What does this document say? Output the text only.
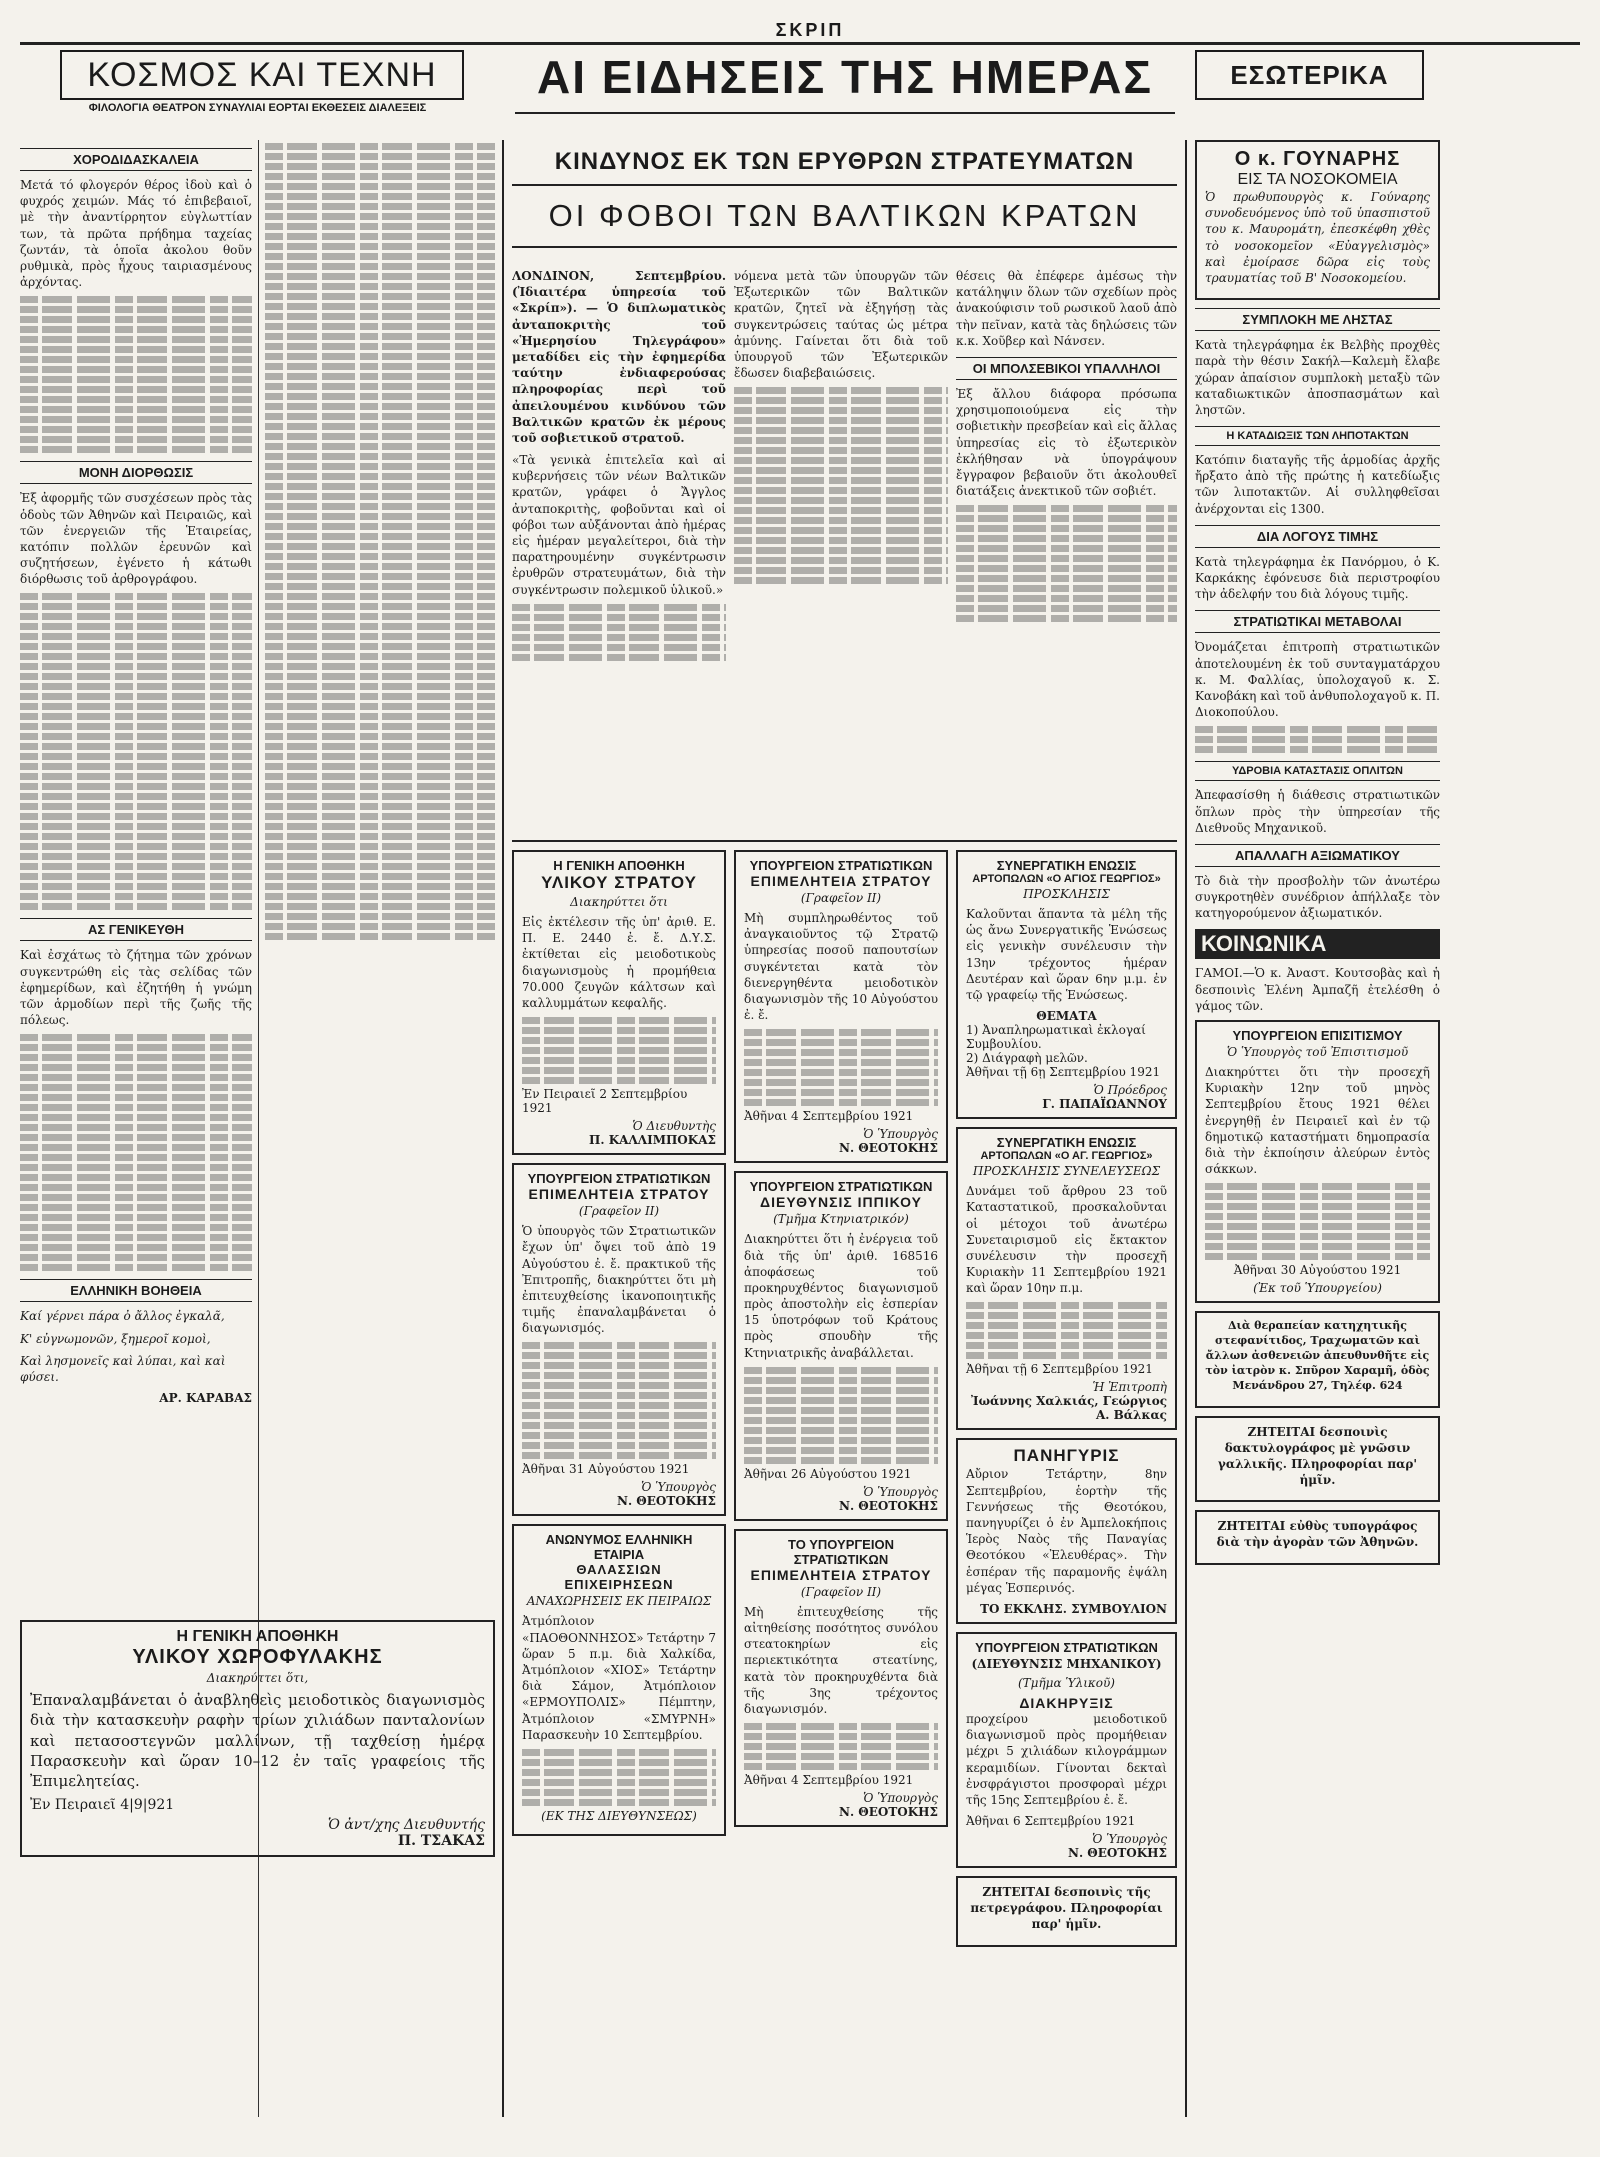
ΣΚΡΙΠ
ΚΟΣΜΟΣ ΚΑΙ ΤΕΧΝΗ
ΦΙΛΟΛΟΓΙΑ ΘΕΑΤΡΟΝ ΣΥΝΑΥΛΙΑΙ ΕΟΡΤΑΙ ΕΚΘΕΣΕΙΣ ΔΙΑΛΕΞΕΙΣ
ΑΙ ΕΙΔΗΣΕΙΣ ΤΗΣ ΗΜΕΡΑΣ	ΕΣΩΤΕΡΙΚΑ
ΧΟΡΟΔΙΔΑΣΚΑΛΕΙΑ

Μετά τό φλογερόν θέρος ἰδοὺ καὶ ὁ φυχρός χειμών. Μάς τό ἐπιβεβαιοῖ, μὲ τὴν ἀναντίρρητον εὐγλωττίαν των, τὰ πρῶτα πρήδημα ταχείας ζωντάν, τὰ ὁποῖα ἀκολου θοῦν ρυθμικὰ, πρὸς ἦχους ταιριασμένους ἀρχόντας.

ΜΟΝΗ ΔΙΟΡΘΩΣΙΣ

Ἐξ ἀφορμῆς τῶν συσχέσεων πρὸς τὰς ὁδοὺς τῶν Ἀθηνῶν καὶ Πειραιῶς, καὶ τῶν ἐνεργειῶν τῆς Ἑταιρείας, κατόπιν πολλῶν ἐρευνῶν καὶ συζητήσεων, ἐγένετο ἡ κάτωθι διόρθωσις τοῦ ἀρθρογράφου.

ΑΣ ΓΕΝΙΚΕΥΘΗ

Καὶ ἐσχάτως τὸ ζήτημα τῶν χρόνων συγκεντρώθη εἰς τὰς σελίδας τῶν ἐφημερίδων, καὶ ἐζητήθη ἡ γνώμη τῶν ἁρμοδίων περὶ τῆς ζωῆς τῆς πόλεως.

ΕΛΛΗΝΙΚΗ ΒΟΗΘΕΙΑ

Καί γέρνει πάρα ὀ ἄλλος ἐγκαλᾶ,

Κ' εὐγνωμονῶν, ξημεροῖ κομοὶ,

Καὶ λησμονεῖς καὶ λύπαι, καὶ καὶ φύσει.

ΑΡ. ΚΑΡΑΒΑΣ
Η ΓΕΝΙΚΗ ΑΠΟΘΗΚΗ
ΥΛΙΚΟΥ ΧΩΡΟΦΥΛΑΚΗΣ
Διακηρύττει ὅτι,

Ἐπαναλαμβάνεται ὁ ἀναβληθεὶς μειοδοτικὸς διαγωνισμὸς διὰ τὴν κατασκευὴν ραφὴν τρίων χιλιάδων πανταλονίων καὶ πετασοστεγνῶν μαλλίνων, τῇ ταχθείσῃ ἡμέρᾳ Παρασκευὴν καὶ ὥραν 10–12 ἐν ταῖς γραφείοις τῆς Ἐπιμελητείας.

Ἐν Πειραιεῖ 4|9|921
Ὁ ἀντ/χης Διευθυντής
Π. ΤΣΑΚΑΣ
ΚΙΝΔΥΝΟΣ ΕΚ ΤΩΝ ΕΡΥΘΡΩΝ ΣΤΡΑΤΕΥΜΑΤΩΝ
ΟΙ ΦΟΒΟΙ ΤΩΝ ΒΑΛΤΙΚΩΝ ΚΡΑΤΩΝ

ΛΟΝΔΙΝΟΝ, Σεπτεμβρίου. (Ἰδιαιτέρα ὑπηρεσία τοῦ «Σκρίπ»). — Ὁ διπλωματικὸς ἀνταποκριτὴς τοῦ «Ἡμερησίου Τηλεγράφου» μεταδίδει εἰς τὴν ἐφημερίδα ταύτην ἐνδιαφερούσας πληροφορίας περὶ τοῦ ἀπειλουμένου κινδύνου τῶν Βαλτικῶν κρατῶν ἐκ μέρους τοῦ σοβιετικοῦ στρατοῦ.

«Τὰ γενικὰ ἐπιτελεῖα καὶ αἱ κυβερνήσεις τῶν νέων Βαλτικῶν κρατῶν, γράφει ὁ Ἄγγλος ἀνταποκριτὴς, φοβοῦνται καὶ οἱ φόβοι των αὐξάνονται ἀπὸ ἡμέρας εἰς ἡμέραν μεγαλείτεροι, διὰ τὴν παρατηρουμένην συγκέντρωσιν ἐρυθρῶν στρατευμάτων, διὰ τὴν συγκέντρωσιν πολεμικοῦ ὑλικοῦ.»

νόμενα μετὰ τῶν ὑπουργῶν τῶν Ἐξωτερικῶν τῶν Βαλτικῶν κρατῶν, ζητεῖ νὰ ἐξηγήσῃ τὰς συγκεντρώσεις ταύτας ὡς μέτρα ἀμύνης. Γαίνεται ὅτι διὰ τοῦ ὑπουργοῦ τῶν Ἐξωτερικῶν ἔδωσεν διαβεβαιώσεις.

θέσεις θὰ ἐπέφερε ἀμέσως τὴν κατάληψιν ὅλων τῶν σχεδίων πρὸς ἀνακούφισιν τοῦ ρωσικοῦ λαοῦ ἀπὸ τὴν πεῖναν, κατὰ τὰς δηλώσεις τῶν κ.κ. Χοῦβερ καὶ Νάνσεν.

ΟΙ ΜΠΟΛΣΕΒΙΚΟΙ ΥΠΑΛΛΗΛΟΙ

Ἐξ ἄλλου διάφορα πρόσωπα χρησιμοποιούμενα εἰς τὴν σοβιετικὴν πρεσβείαν καὶ εἰς ἄλλας ὑπηρεσίας εἰς τὸ ἐξωτερικὸν ἐκλήθησαν νὰ ὑπογράψουν ἔγγραφον βεβαιοῦν ὅτι ἀκολουθεῖ διατάξεις ἀνεκτικοῦ τῶν σοβιέτ.

Η ΓΕΝΙΚΗ ΑΠΟΘΗΚΗ
ΥΛΙΚΟΥ ΣΤΡΑΤΟΥ
Διακηρύττει ὅτι

Εἰς ἐκτέλεσιν τῆς ὑπ' ἀριθ. Ε. Π. Ε. 2440 ἐ. ἔ. Δ.Υ.Σ. ἐκτίθεται εἰς μειοδοτικοὺς διαγωνισμοὺς ἡ προμήθεια 70.000 ζευγῶν κάλτσων καὶ καλλυμμάτων κεφαλῆς.

Ἐν Πειραιεῖ 2 Σεπτεμβρίου 1921
Ὁ Διευθυντὴς
Π. ΚΑΛΛΙΜΠΟΚΑΣ
ΥΠΟΥΡΓΕΙΟΝ ΣΤΡΑΤΙΩΤΙΚΩΝ
ΕΠΙΜΕΛΗΤΕΙΑ ΣΤΡΑΤΟΥ
(Γραφεῖον ΙΙ)

Ὁ ὑπουργὸς τῶν Στρατιωτικῶν ἔχων ὑπ' ὄψει τοῦ ἀπὸ 19 Αὐγούστου ἐ. ἔ. πρακτικοῦ τῆς Ἐπιτροπῆς, διακηρύττει ὅτι μὴ ἐπιτευχθείσης ἱκανοποιητικῆς τιμῆς ἐπαναλαμβάνεται ὁ διαγωνισμός.

Ἀθῆναι 31 Αὐγούστου 1921
Ὁ Ὑπουργὸς
Ν. ΘΕΟΤΟΚΗΣ
ΑΝΩΝΥΜΟΣ ΕΛΛΗΝΙΚΗ ΕΤΑΙΡΙΑ
ΘΑΛΑΣΣΙΩΝ ΕΠΙΧΕΙΡΗΣΕΩΝ
ΑΝΑΧΩΡΗΣΕΙΣ ΕΚ ΠΕΙΡΑΙΩΣ

Ἀτμόπλοιον «ΠΑΟΘΟΝΝΗΣΟΣ» Τετάρτην 7 ὥραν 5 π.μ. διὰ Χαλκίδα, Ἀτμόπλοιον «ΧΙΟΣ» Τετάρτην διὰ Σάμον, Ἀτμόπλοιον «ΕΡΜΟΥΠΟΛΙΣ» Πέμπτην, Ἀτμόπλοιον «ΣΜΥΡΝΗ» Παρασκευὴν 10 Σεπτεμβρίου.

(ΕΚ ΤΗΣ ΔΙΕΥΘΥΝΣΕΩΣ)
ΥΠΟΥΡΓΕΙΟΝ ΣΤΡΑΤΙΩΤΙΚΩΝ
ΕΠΙΜΕΛΗΤΕΙΑ ΣΤΡΑΤΟΥ
(Γραφεῖον ΙΙ)

Μὴ συμπληρωθέντος τοῦ ἀναγκαιοῦντος τῷ Στρατῷ ὑπηρεσίας ποσοῦ παπουτσίων συγκέντεται κατὰ τὸν διενεργηθέντα μειοδοτικὸν διαγωνισμὸν τῆς 10 Αὐγούστου ἐ. ἔ.

Ἀθῆναι 4 Σεπτεμβρίου 1921
Ὁ Ὑπουργὸς
Ν. ΘΕΟΤΟΚΗΣ
ΥΠΟΥΡΓΕΙΟΝ ΣΤΡΑΤΙΩΤΙΚΩΝ
ΔΙΕΥΘΥΝΣΙΣ ΙΠΠΙΚΟΥ
(Τμῆμα Κτηνιατρικόν)

Διακηρύττει ὅτι ἡ ἐνέργεια τοῦ διὰ τῆς ὑπ' ἀριθ. 168516 ἀποφάσεως τοῦ προκηρυχθέντος διαγωνισμοῦ πρὸς ἀποστολὴν εἰς ἑσπερίαν 15 ὑποτρόφων τοῦ Κράτους πρὸς σπουδὴν τῆς Κτηνιατρικῆς ἀναβάλλεται.

Ἀθῆναι 26 Αὐγούστου 1921
Ὁ Ὑπουργὸς
Ν. ΘΕΟΤΟΚΗΣ
ΤΟ ΥΠΟΥΡΓΕΙΟΝ ΣΤΡΑΤΙΩΤΙΚΩΝ
ΕΠΙΜΕΛΗΤΕΙΑ ΣΤΡΑΤΟΥ
(Γραφεῖον ΙΙ)

Μὴ ἐπιτευχθείσης τῆς αἰτηθείσης ποσότητος συνόλου στεατοκηρίων εἰς περιεκτικότητα στεατίνης, κατὰ τὸν προκηρυχθέντα διὰ τῆς 3ης τρέχοντος διαγωνισμόν.

Ἀθῆναι 4 Σεπτεμβρίου 1921
Ὁ Ὑπουργὸς
Ν. ΘΕΟΤΟΚΗΣ
ΣΥΝΕΡΓΑΤΙΚΗ ΕΝΩΣΙΣ
ΑΡΤΟΠΩΛΩΝ «Ο ΑΓΙΟΣ ΓΕΩΡΓΙΟΣ»
ΠΡΟΣΚΛΗΣΙΣ

Καλοῦνται ἅπαντα τὰ μέλη τῆς ὡς ἄνω Συνεργατικῆς Ἑνώσεως εἰς γενικὴν συνέλευσιν τὴν 13ην τρέχοντος ἡμέραν Δευτέραν καὶ ὥραν 6ην μ.μ. ἐν τῷ γραφείῳ τῆς Ἑνώσεως.

ΘΕΜΑΤΑ
1) Ἀναπληρωματικαὶ ἐκλογαί Συμβουλίου.
2) Διάγραφὴ μελῶν.
Ἀθῆναι τῇ 6ῃ Σεπτεμβρίου 1921
Ὁ Πρόεδρος
Γ. ΠΑΠΑΪΩΑΝΝΟΥ
ΣΥΝΕΡΓΑΤΙΚΗ ΕΝΩΣΙΣ
ΑΡΤΟΠΩΛΩΝ «Ο ΑΓ. ΓΕΩΡΓΙΟΣ»
ΠΡΟΣΚΛΗΣΙΣ ΣΥΝΕΛΕΥΣΕΩΣ

Δυνάμει τοῦ ἄρθρου 23 τοῦ Καταστατικοῦ, προσκαλοῦνται οἱ μέτοχοι τοῦ ἀνωτέρω Συνεταιρισμοῦ εἰς ἔκτακτον συνέλευσιν τὴν προσεχῆ Κυριακὴν 11 Σεπτεμβρίου 1921 καὶ ὥραν 10ην π.μ.

Ἀθῆναι τῇ 6 Σεπτεμβρίου 1921
Ἡ Ἐπιτροπὴ
Ἰωάννης Χαλκιάς, Γεώργιος Α. Βάλκας
ΠΑΝΗΓΥΡΙΣ

Αὔριον Τετάρτην, 8ην Σεπτεμβρίου, ἑορτὴν τῆς Γεννήσεως τῆς Θεοτόκου, πανηγυρίζει ὁ ἐν Ἀμπελοκήποις Ἱερὸς Ναὸς τῆς Παναγίας Θεοτόκου «Ἐλευθέρας». Τὴν ἑσπέραν τῆς παραμονῆς ἐψάλη μέγας Ἑσπερινός.

ΤΟ ΕΚΚΛΗΣ. ΣΥΜΒΟΥΛΙΟΝ
ΥΠΟΥΡΓΕΙΟΝ ΣΤΡΑΤΙΩΤΙΚΩΝ
(ΔΙΕΥΘΥΝΣΙΣ ΜΗΧΑΝΙΚΟΥ)
(Τμῆμα Ὑλικοῦ)
ΔΙΑΚΗΡΥΞΙΣ

προχείρου μειοδοτικοῦ διαγωνισμοῦ πρὸς προμήθειαν μέχρι 5 χιλιάδων κιλογράμμων κεραμιδίων. Γίνονται δεκταὶ ἐνσφράγιστοι προσφοραὶ μέχρι τῆς 15ης Σεπτεμβρίου ἐ. ἔ.

Ἀθῆναι 6 Σεπτεμβρίου 1921
Ὁ Ὑπουργὸς
Ν. ΘΕΟΤΟΚΗΣ

ΖΗΤΕΙΤΑΙ δεσποινὶς τῆς πετρεγράφου. Πληροφορίαι παρ' ἡμῖν.

Ο κ. ΓΟΥΝΑΡΗΣ
ΕΙΣ ΤΑ ΝΟΣΟΚΟΜΕΙΑ

Ὁ πρωθυπουργὸς κ. Γούναρης συνοδευόμενος ὑπὸ τοῦ ὑπασπιστοῦ του κ. Μαυρομάτη, ἐπεσκέφθη χθὲς τὸ νοσοκομεῖον «Εὐαγγελισμὸς» καὶ ἐμοίρασε δῶρα εἰς τοὺς τραυματίας τοῦ Β' Νοσοκομείου.

ΣΥΜΠΛΟΚΗ ΜΕ ΛΗΣΤΑΣ

Κατὰ τηλεγράφημα ἐκ Βελβὴς προχθὲς παρὰ τὴν θέσιν Σακήλ—Καλεμὴ ἔλαβε χώραν ἀπαίσιον συμπλοκὴ μεταξὺ τῶν καταδιωκτικῶν ἀποσπασμάτων καὶ ληστῶν.

Η ΚΑΤΑΔΙΩΞΙΣ ΤΩΝ ΛΗΠΟΤΑΚΤΩΝ

Κατόπιν διαταγῆς τῆς ἁρμοδίας ἀρχῆς ἤρξατο ἀπὸ τῆς πρώτης ἡ κατεδίωξις τῶν λιποτακτῶν. Αἱ συλληφθεῖσαι ἀνέρχονται εἰς 1300.

ΔΙΑ ΛΟΓΟΥΣ ΤΙΜΗΣ

Κατὰ τηλεγράφημα ἐκ Πανόρμου, ὁ Κ. Καρκάκης ἐφόνευσε διὰ περιστροφίου τὴν ἀδελφήν του διὰ λόγους τιμῆς.

ΣΤΡΑΤΙΩΤΙΚΑΙ ΜΕΤΑΒΟΛΑΙ

Ὀνομάζεται ἐπιτροπὴ στρατιωτικῶν ἀποτελουμένη ἐκ τοῦ συνταγματάρχου κ. Μ. Φαλλίας, ὑπολοχαγοῦ κ. Σ. Κανοβάκη καὶ τοῦ ἀνθυπολοχαγοῦ κ. Π. Διοκοπούλου.

ΥΔΡΟΒΙΑ ΚΑΤΑΣΤΑΣΙΣ ΟΠΛΙΤΩΝ

Ἀπεφασίσθη ἡ διάθεσις στρατιωτικῶν ὅπλων πρὸς τὴν ὑπηρεσίαν τῆς Διεθνοῦς Μηχανικοῦ.

ΑΠΑΛΛΑΓΗ ΑΞΙΩΜΑΤΙΚΟΥ

Τὸ διὰ τὴν προσβολὴν τῶν ἀνωτέρω συγκροτηθὲν συνέδριον ἀπήλλαξε τὸν κατηγορούμενον ἀξιωματικόν.

ΚΟΙΝΩΝΙΚΑ

ΓΑΜΟΙ.—Ὁ κ. Ἀναστ. Κουτσοβὰς καὶ ἡ δεσποινὶς Ἑλένη Ἀμπαζῆ ἐτελέσθη ὁ γάμος τῶν.

ΥΠΟΥΡΓΕΙΟΝ ΕΠΙΣΙΤΙΣΜΟΥ
Ὁ Ὑπουργὸς τοῦ Ἐπισιτισμοῦ

Διακηρύττει ὅτι τὴν προσεχῆ Κυριακὴν 12ην τοῦ μηνὸς Σεπτεμβρίου ἔτους 1921 θέλει ἐνεργηθῇ ἐν Πειραιεῖ καὶ ἐν τῷ δημοτικῷ καταστήματι δημοπρασία διὰ τὴν ἐκποίησιν ἀλεύρων ἐντὸς σάκκων.

Ἀθῆναι 30 Αὐγούστου 1921
(Ἐκ τοῦ Ὑπουργείου)

Διὰ θεραπείαν κατηχητικῆς στεφανίτιδος, Τραχωματῶν καὶ ἄλλων ἀσθενειῶν ἀπευθυνθῆτε εἰς τὸν ἰατρὸν κ. Σπῦρον Χαραμῆ, ὁδὸς Μενάνδρου 27, Τηλέφ. 624

ΖΗΤΕΙΤΑΙ δεσποινὶς δακτυλογράφος μὲ γνῶσιν γαλλικῆς. Πληροφορίαι παρ' ἡμῖν.

ΖΗΤΕΙΤΑΙ εὐθὺς τυπογράφος διὰ τὴν ἀγορὰν τῶν Ἀθηνῶν.
